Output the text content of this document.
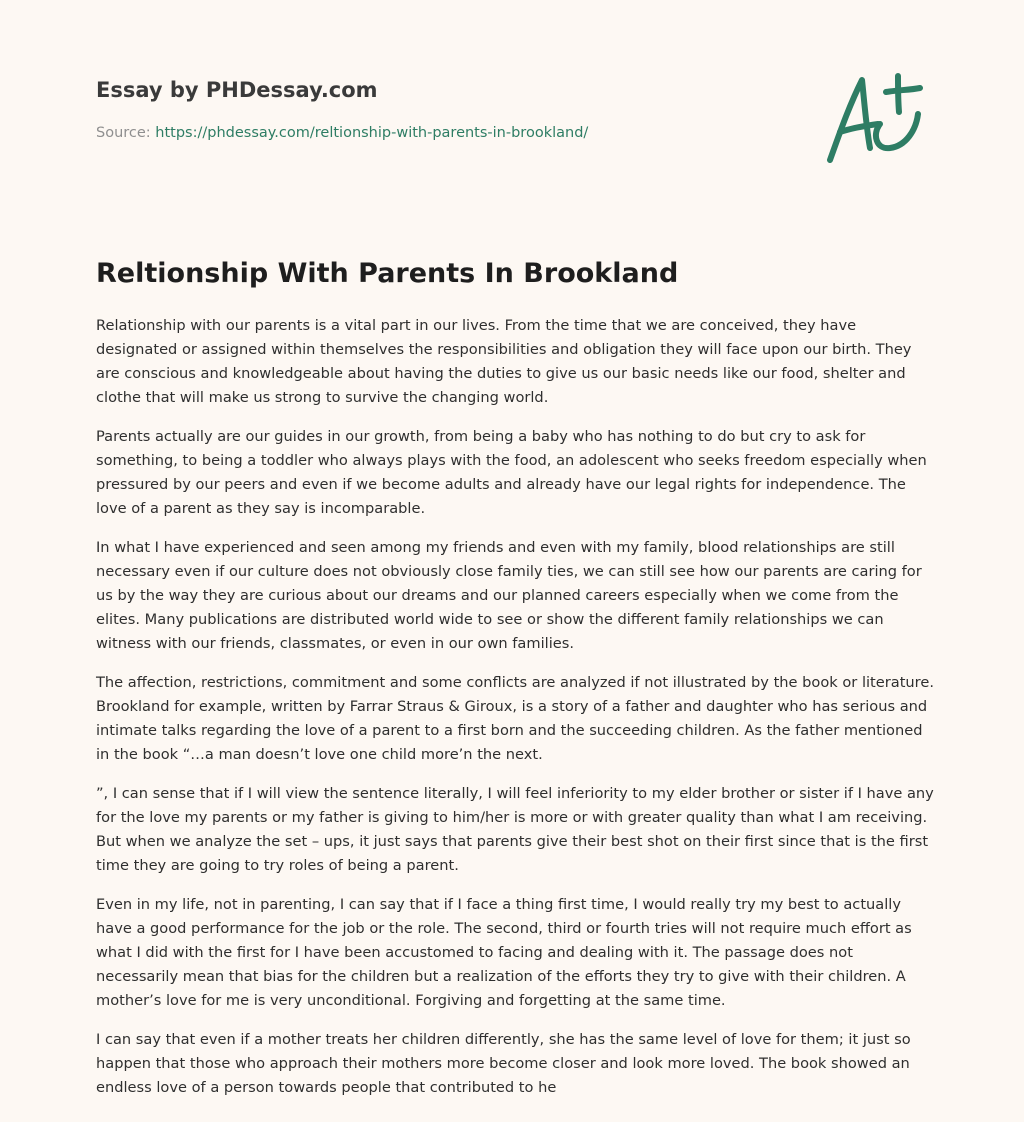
Essay by PHDessay.com
Source: https://phdessay.com/reltionship-with-parents-in-brookland/
Reltionship With Parents In Brookland

Relationship with our parents is a vital part in our lives. From the time that we are conceived, they have designated or assigned within themselves the responsibilities and obligation they will face upon our birth. They are conscious and knowledgeable about having the duties to give us our basic needs like our food, shelter and clothe that will make us strong to survive the changing world.

Parents actually are our guides in our growth, from being a baby who has nothing to do but cry to ask for something, to being a toddler who always plays with the food, an adolescent who seeks freedom especially when pressured by our peers and even if we become adults and already have our legal rights for independence. The love of a parent as they say is incomparable.

In what I have experienced and seen among my friends and even with my family, blood relationships are still necessary even if our culture does not obviously close family ties, we can still see how our parents are caring for us by the way they are curious about our dreams and our planned careers especially when we come from the elites. Many publications are distributed world wide to see or show the different family relationships we can witness with our friends, classmates, or even in our own families.

The affection, restrictions, commitment and some conflicts are analyzed if not illustrated by the book or literature. Brookland for example, written by Farrar Straus & Giroux, is a story of a father and daughter who has serious and intimate talks regarding the love of a parent to a first born and the succeeding children. As the father mentioned in the book “…a man doesn’t love one child more’n the next.

”, I can sense that if I will view the sentence literally, I will feel inferiority to my elder brother or sister if I have any for the love my parents or my father is giving to him/her is more or with greater quality than what I am receiving. But when we analyze the set – ups, it just says that parents give their best shot on their first since that is the first time they are going to try roles of being a parent.

Even in my life, not in parenting, I can say that if I face a thing first time, I would really try my best to actually have a good performance for the job or the role. The second, third or fourth tries will not require much effort as what I did with the first for I have been accustomed to facing and dealing with it. The passage does not necessarily mean that bias for the children but a realization of the efforts they try to give with their children. A mother’s love for me is very unconditional. Forgiving and forgetting at the same time.

I can say that even if a mother treats her children differently, she has the same level of love for them; it just so happen that those who approach their mothers more become closer and look more loved. The book showed an endless love of a person towards people that contributed to he
